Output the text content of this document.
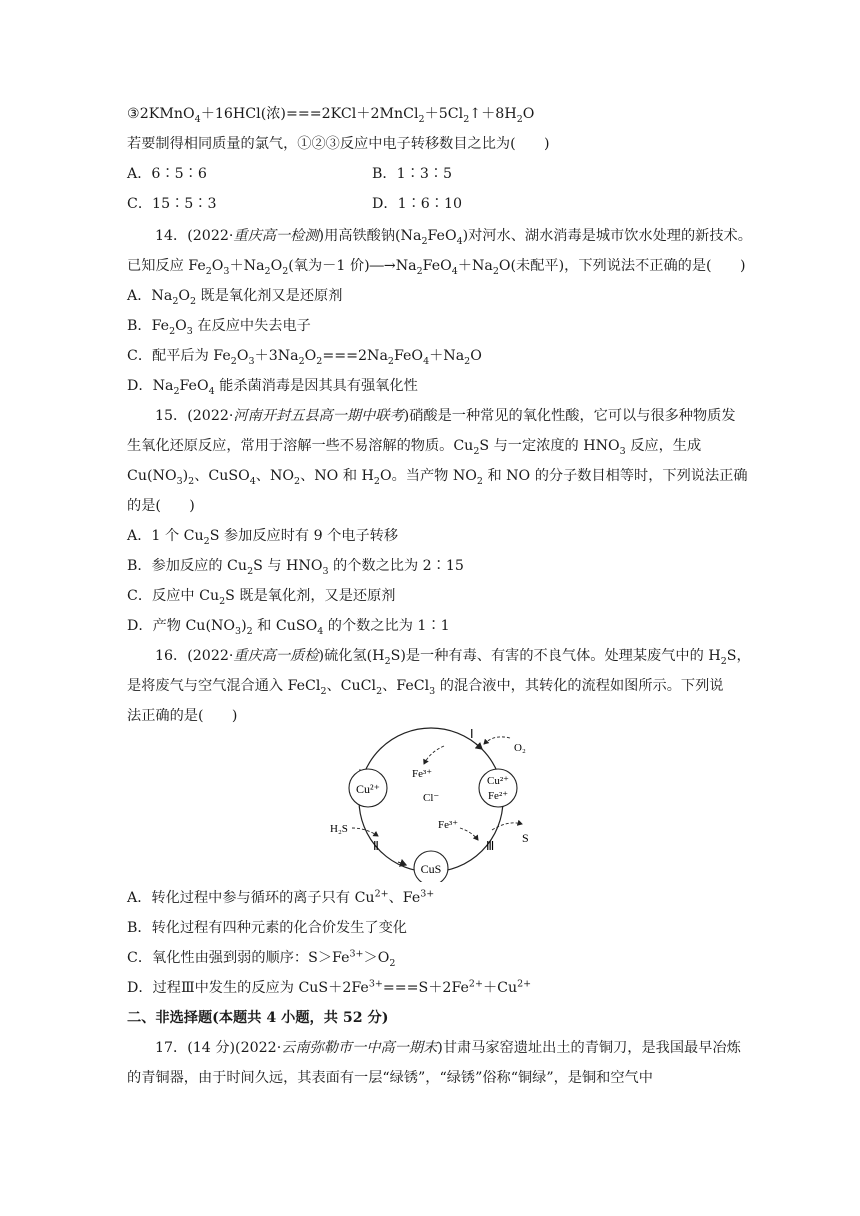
③2KMnO$_4$＋16HCl(浓)$===2KCl+2MnCl_2+5Cl_2↑+8H_2O$
若要制得相同质量的氯气，①②③反应中电子转移数目之比为(　　)
A．6∶5∶6
C．15∶5∶3
14．(2022·重庆高一检测)用高铁酸钠$(Na_2FeO_4)$对河水、湖水消毒是城市饮水处理的新技术。
已知反应 $Fe_2O_3+Na_2O_2$(氧为－1 价)$―\to Na_2FeO_4+Na_2O$(未配平)，下列说法不正确的是(　　)
A．$Na_2O_2$ 既是氧化剂又是还原剂
B．$Fe_2O_3$ 在反应中失去电子
C．配平后为 $Fe_2O_3+3Na_2O_2===2Na_2FeO_4+Na_2O$
D．$Na_2FeO_4$ 能杀菌消毒是因其具有强氧化性
15．(2022·河南开封五县高一期中联考)硝酸是一种常见的氧化性酸，它可以与很多种物质发
生氧化还原反应，常用于溶解一些不易溶解的物质。$Cu_2S$ 与一定浓度的 $HNO_3$ 反应，生成
$Cu(NO_3)_2$、CuSO$_4$、$NO_2$、NO 和 $H_2O$。当产物 $NO_2$ 和 NO 的分子数目相等时，下列说法正确
的是(　　)
A．1 个 $Cu_2S$ 参加反应时有 9 个电子转移
B．参加反应的 $Cu_2S$ 与 $HNO_3$ 的个数之比为 2∶15
C．反应中 $Cu_2S$ 既是氧化剂，又是还原剂
D．产物 $Cu(NO_3)_2$ 和 CuSO$_4$ 的个数之比为 1∶1
16．(2022·重庆高一质检)硫化氢$(H_2S)$是一种有毒、有害的不良气体。处理某废气中的 $H_2S$，
是将废气与空气混合通入 FeCl$_2$、CuCl$_2$、FeCl$_3$ 的混合液中，其转化的流程如图所示。下列说
法正确的是(　　)
A．转化过程中参与循环的离子只有 $Cu^{2+}$、$Fe^{3+}$
B．转化过程有四种元素的化合价发生了变化
C．氧化性由强到弱的顺序：$S>Fe^{3+}>O_2$
D．过程Ⅲ中发生的反应为 $CuS+2Fe^{3+}===S+2Fe^{2+}+Cu^{2+}$
二、非选择题(本题共 4 小题，共 52 分)
17．(14 分)(2022·云南弥勒市一中高一期末)甘肃马家窑遗址出土的青铜刀，是我国最早冶炼
的青铜器，由于时间久远，其表面有一层“绿锈”，“绿锈”俗称“铜绿”，是铜和空气中
B．1∶3∶5
D．1∶6∶10
Cu²⁺
Cu²⁺
Fe²⁺
CuS
Fe³⁺
Cl⁻
Ⅰ
O₂
H₂S
Ⅱ
Fe³⁺
S
Ⅲ
